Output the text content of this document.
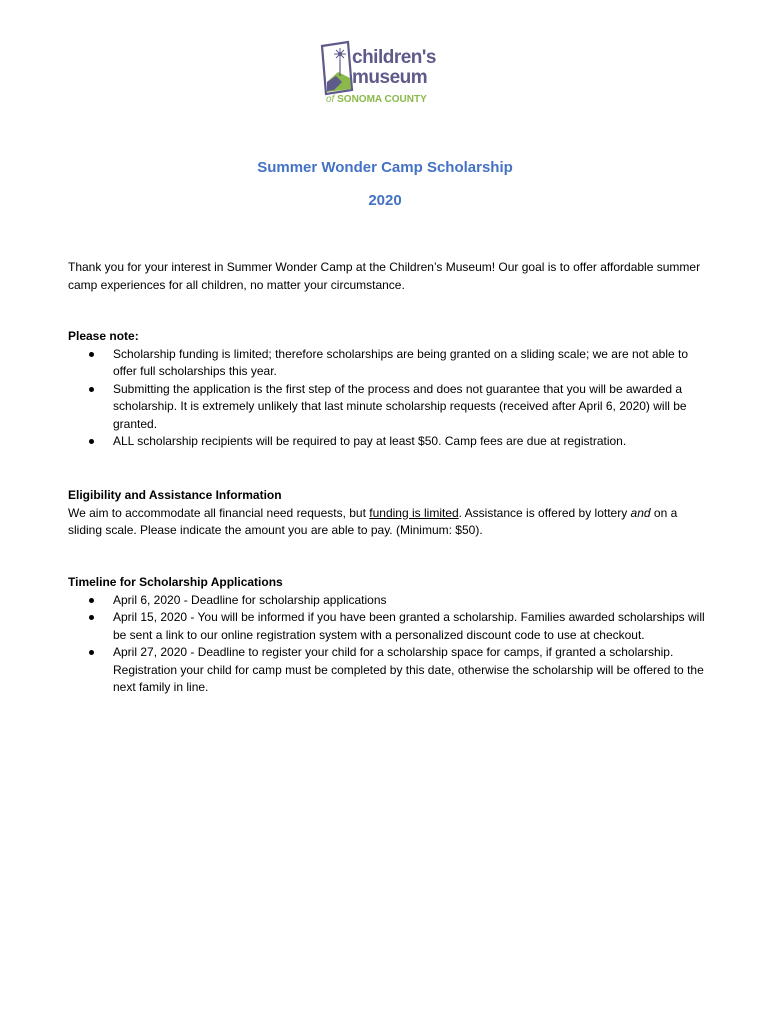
children's
museum
of SONOMA COUNTY
Summer Wonder Camp Scholarship
2020
Thank you for your interest in Summer Wonder Camp at the Children’s Museum! Our goal is to offer affordable summer camp experiences for all children, no matter your circumstance.
Please note:
Scholarship funding is limited; therefore scholarships are being granted on a sliding scale; we are not able to offer full scholarships this year.
Submitting the application is the first step of the process and does not guarantee that you will be awarded a scholarship. It is extremely unlikely that last minute scholarship requests (received after April 6, 2020) will be granted.
ALL scholarship recipients will be required to pay at least $50. Camp fees are due at registration.
Eligibility and Assistance Information
We aim to accommodate all financial need requests, but funding is limited. Assistance is offered by lottery and on a sliding scale. Please indicate the amount you are able to pay. (Minimum: $50).
Timeline for Scholarship Applications
April 6, 2020 - Deadline for scholarship applications
April 15, 2020 - You will be informed if you have been granted a scholarship. Families awarded scholarships will be sent a link to our online registration system with a personalized discount code to use at checkout.
April 27, 2020 - Deadline to register your child for a scholarship space for camps, if granted a scholarship. Registration your child for camp must be completed by this date, otherwise the scholarship will be offered to the next family in line.
